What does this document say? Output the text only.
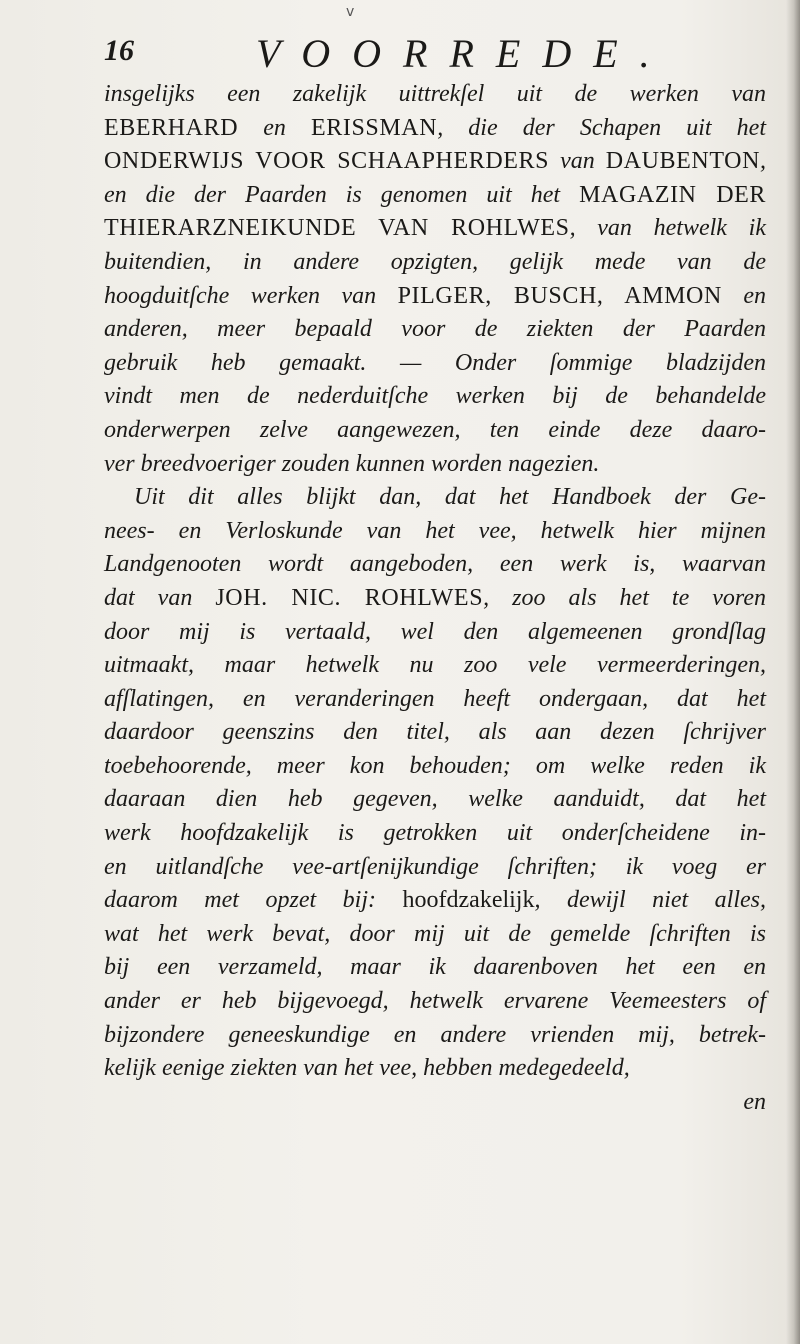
v
16	VOORREDE.
insgelijks een zakelijk uittrekſel uit de werken van
EBERHARD en ERISSMAN, die der Schapen uit het
ONDERWIJS VOOR SCHAAPHERDERS van DAUBENTON,
en die der Paarden is genomen uit het MAGAZIN DER
THIERARZNEIKUNDE VAN ROHLWES, van hetwelk ik
buitendien, in andere opzigten, gelijk mede van de
hoogduitſche werken van PILGER, BUSCH, AMMON en
anderen, meer bepaald voor de ziekten der Paarden
gebruik heb gemaakt. — Onder ſommige bladzijden
vindt men de nederduitſche werken bij de behandelde
onderwerpen zelve aangewezen, ten einde deze daaro-
ver breedvoeriger zouden kunnen worden nagezien.
Uit dit alles blijkt dan, dat het Handboek der Ge-
nees- en Verloskunde van het vee, hetwelk hier mijnen
Landgenooten wordt aangeboden, een werk is, waarvan
dat van JOH. NIC. ROHLWES, zoo als het te voren
door mij is vertaald, wel den algemeenen grondſlag
uitmaakt, maar hetwelk nu zoo vele vermeerderingen,
afſlatingen, en veranderingen heeft ondergaan, dat het
daardoor geenszins den titel, als aan dezen ſchrijver
toebehoorende, meer kon behouden; om welke reden ik
daaraan dien heb gegeven, welke aanduidt, dat het
werk hoofdzakelijk is getrokken uit onderſcheidene in-
en uitlandſche vee-artſenijkundige ſchriften; ik voeg er
daarom met opzet bij: hoofdzakelijk, dewijl niet alles,
wat het werk bevat, door mij uit de gemelde ſchriften is
bij een verzameld, maar ik daarenboven het een en
ander er heb bijgevoegd, hetwelk ervarene Veemeesters of
bijzondere geneeskundige en andere vrienden mij, betrek-
kelijk eenige ziekten van het vee, hebben medegedeeld,
en
